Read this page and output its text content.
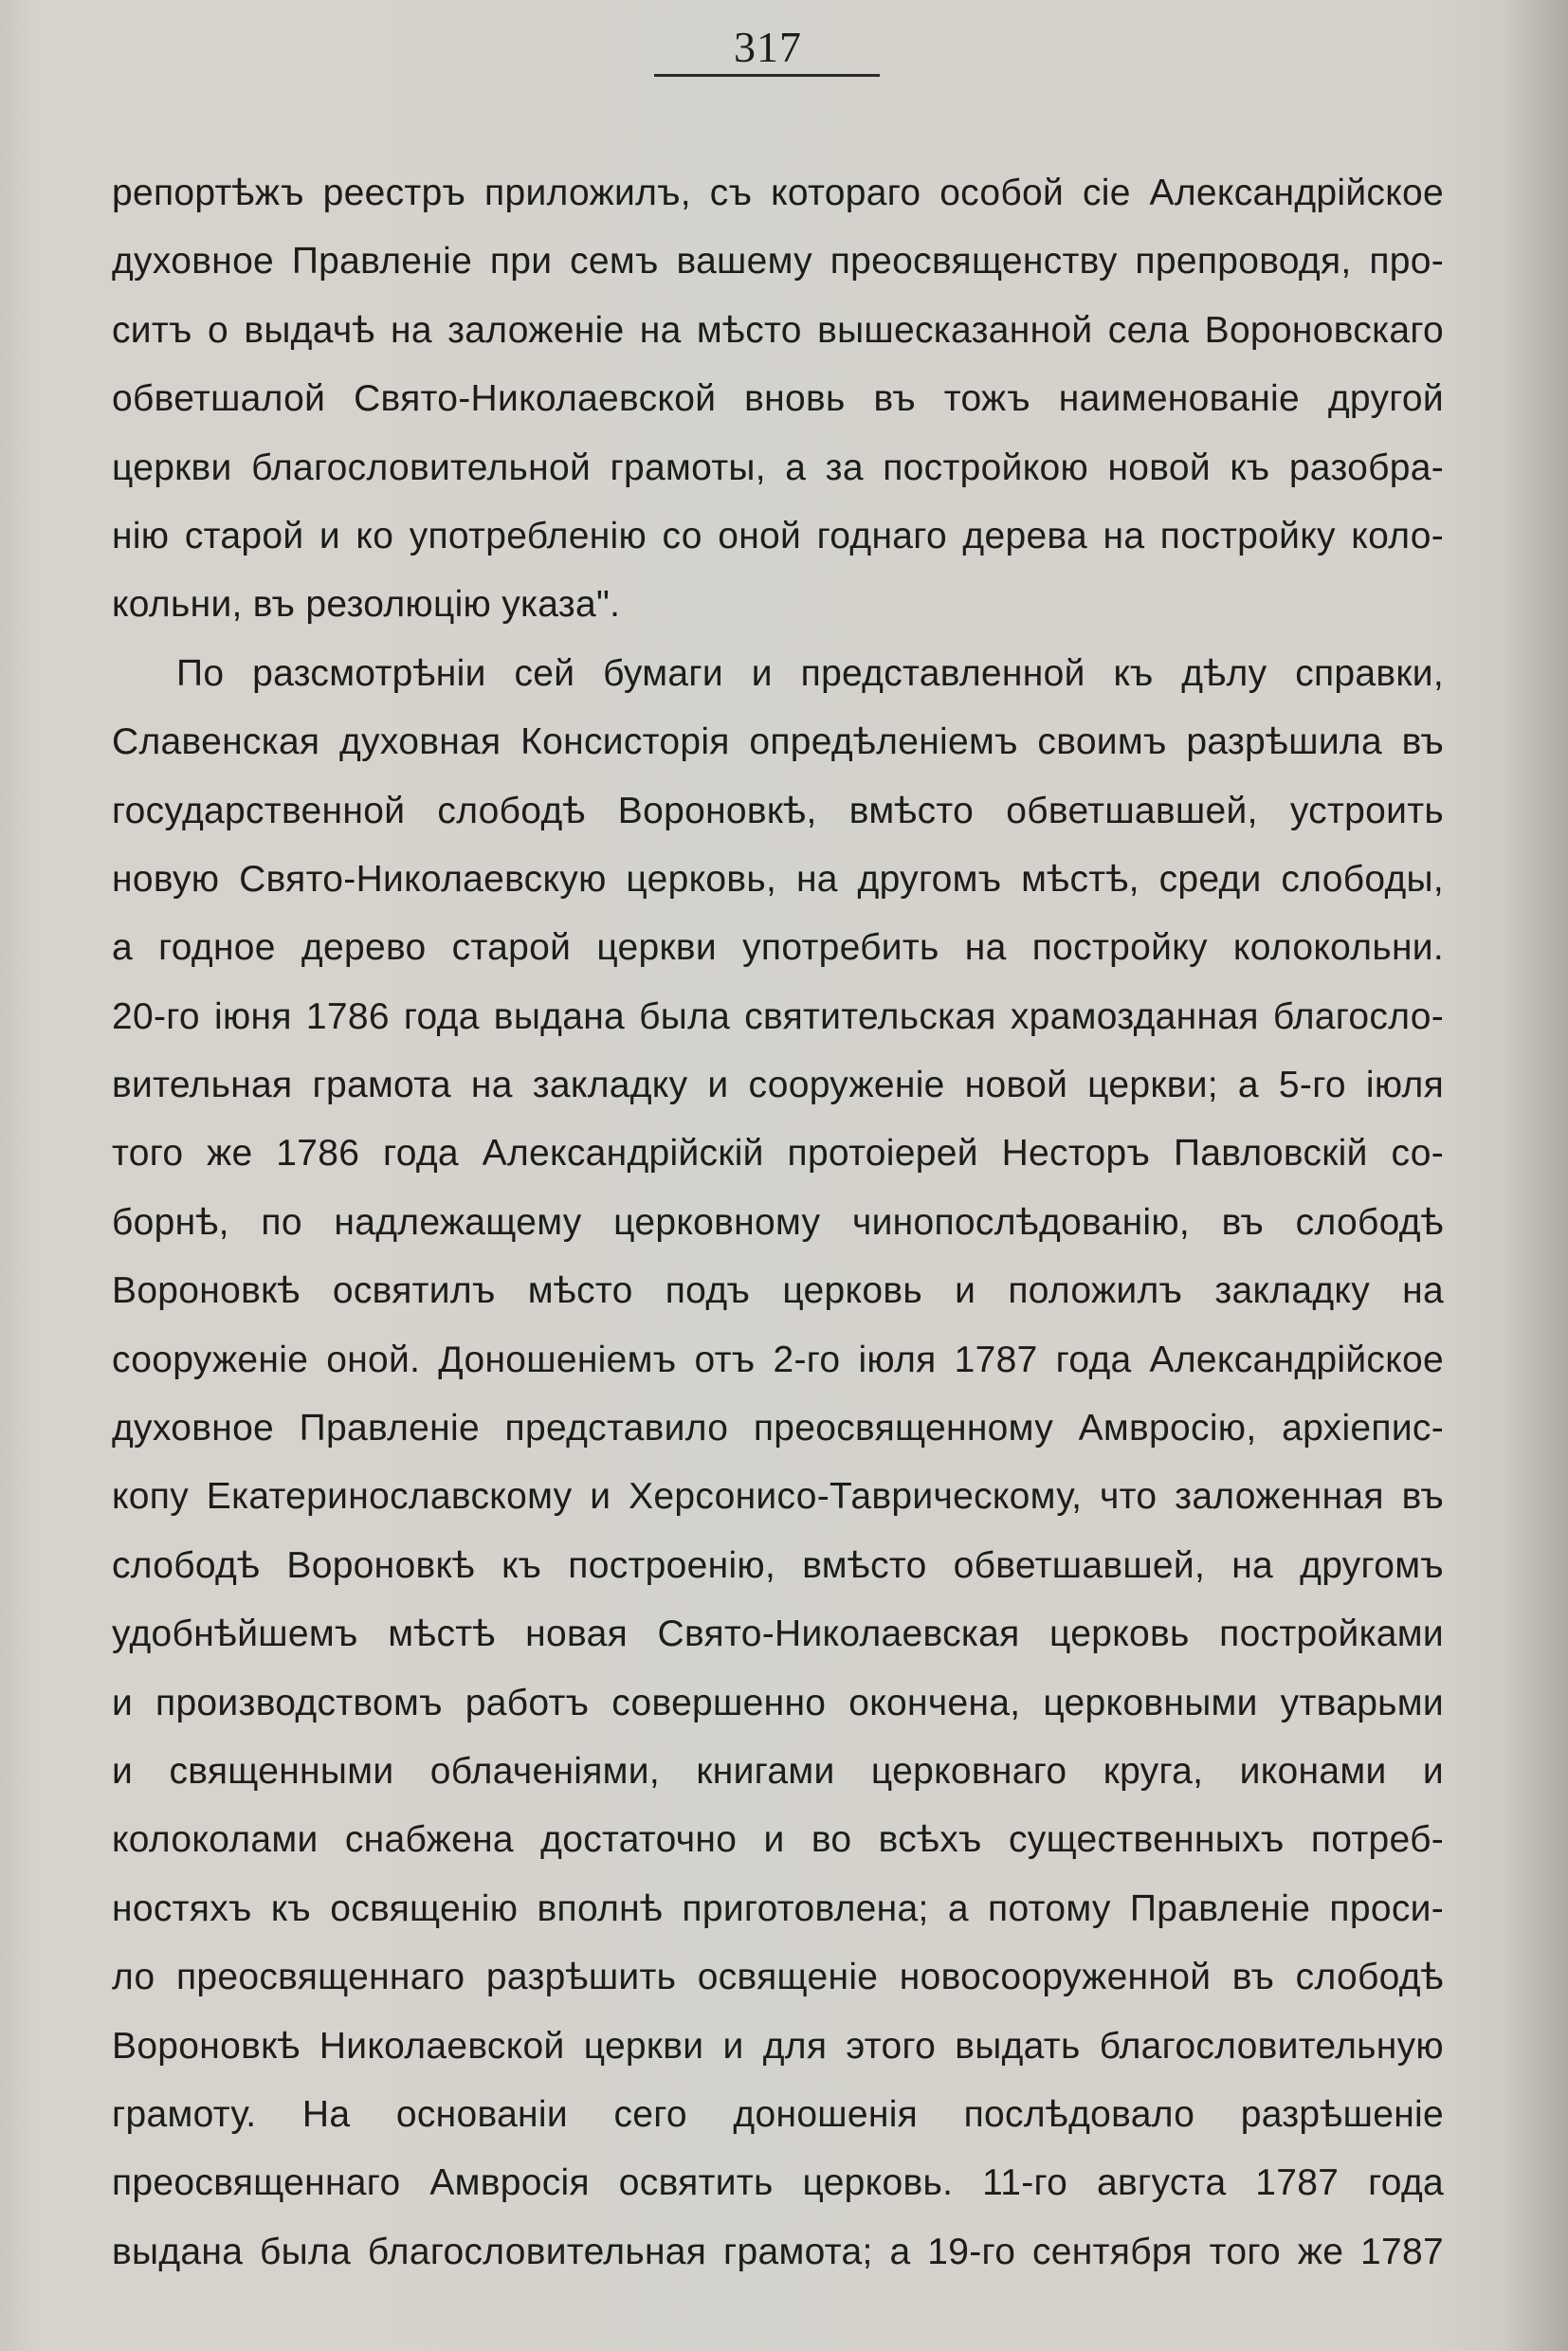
317
репортѣжъ реестръ приложилъ, съ котораго особой сіе Александрійское
духовное Правленіе при семъ вашему преосвященству препроводя, про-
ситъ о выдачѣ на заложеніе на мѣсто вышесказанной села Вороновскаго
обветшалой Свято-Николаевской вновь въ тожъ наименованіе другой
церкви благословительной грамоты, а за постройкою новой къ разобра-
нію старой и ко употребленію со оной годнаго дерева на постройку коло-
кольни, въ резолюцію указа".
По разсмотрѣніи сей бумаги и представленной къ дѣлу справки,
Славенская духовная Консисторія опредѣленіемъ своимъ разрѣшила въ
государственной слободѣ Вороновкѣ, вмѣсто обветшавшей, устроить
новую Свято-Николаевскую церковь, на другомъ мѣстѣ, среди слободы,
а годное дерево старой церкви употребить на постройку колокольни.
20-го іюня 1786 года выдана была святительская храмозданная благосло-
вительная грамота на закладку и сооруженіе новой церкви; а 5-го іюля
того же 1786 года Александрійскій протоіерей Несторъ Павловскій со-
борнѣ, по надлежащему церковному чинопослѣдованію, въ слободѣ
Вороновкѣ освятилъ мѣсто подъ церковь и положилъ закладку на
сооруженіе оной. Доношеніемъ отъ 2-го іюля 1787 года Александрійское
духовное Правленіе представило преосвященному Амвросію, архіепис-
копу Екатеринославскому и Херсонисо-Таврическому, что заложенная въ
слободѣ Вороновкѣ къ построенію, вмѣсто обветшавшей, на другомъ
удобнѣйшемъ мѣстѣ новая Свято-Николаевская церковь постройками
и производствомъ работъ совершенно окончена, церковными утварьми
и священными облаченіями, книгами церковнаго круга, иконами и
колоколами снабжена достаточно и во всѣхъ существенныхъ потреб-
ностяхъ къ освященію вполнѣ приготовлена; а потому Правленіе проси-
ло преосвященнаго разрѣшить освященіе новосооруженной въ слободѣ
Вороновкѣ Николаевской церкви и для этого выдать благословительную
грамоту. На основаніи сего доношенія послѣдовало разрѣшеніе
преосвященнаго Амвросія освятить церковь. 11-го августа 1787 года
выдана была благословительная грамота; а 19-го сентября того же 1787
